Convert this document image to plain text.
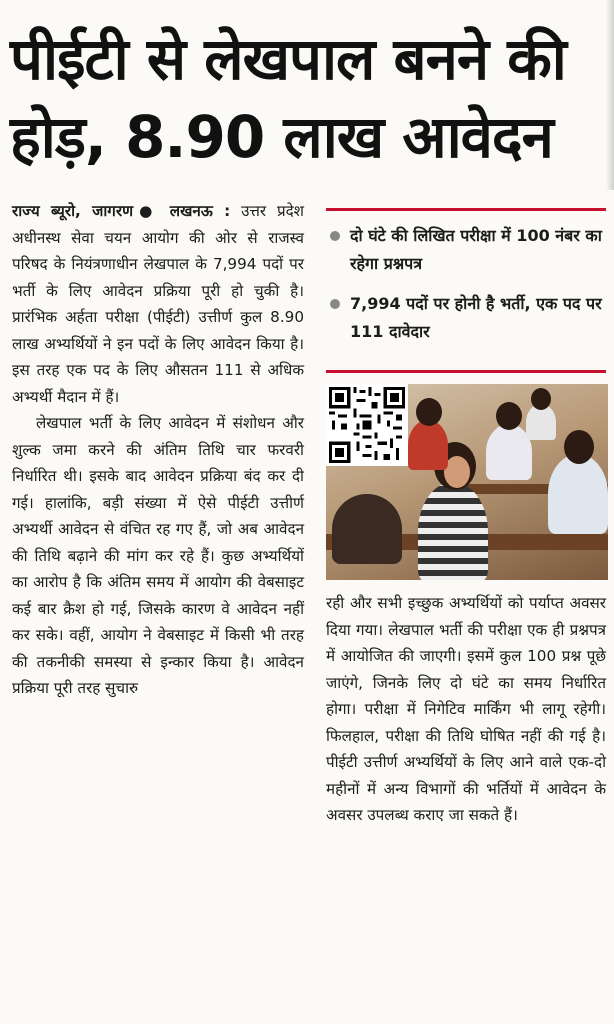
पीईटी से लेखपाल बनने की
होड़, 8.90 लाख आवेदन

राज्य ब्यूरो, जागरण● लखनऊ : उत्तर प्रदेश अधीनस्थ सेवा चयन आयोग की ओर से राजस्व परिषद के नियंत्रणाधीन लेखपाल के 7,994 पदों पर भर्ती के लिए आवेदन प्रक्रिया पूरी हो चुकी है। प्रारंभिक अर्हता परीक्षा (पीईटी) उत्तीर्ण कुल 8.90 लाख अभ्यर्थियों ने इन पदों के लिए आवेदन किया है। इस तरह एक पद के लिए औसतन 111 से अधिक अभ्यर्थी मैदान में हैं।

लेखपाल भर्ती के लिए आवेदन में संशोधन और शुल्क जमा करने की अंतिम तिथि चार फरवरी निर्धारित थी। इसके बाद आवेदन प्रक्रिया बंद कर दी गई। हालांकि, बड़ी संख्या में ऐसे पीईटी उत्तीर्ण अभ्यर्थी आवेदन से वंचित रह गए हैं, जो अब आवेदन की तिथि बढ़ाने की मांग कर रहे हैं। कुछ अभ्यर्थियों का आरोप है कि अंतिम समय में आयोग की वेबसाइट कई बार क्रैश हो गई, जिसके कारण वे आवेदन नहीं कर सके। वहीं, आयोग ने वेबसाइट में किसी भी तरह की तकनीकी समस्या से इन्कार किया है। आवेदन प्रक्रिया पूरी तरह सुचारु

दो घंटे की लिखित परीक्षा में 100 नंबर का रहेगा प्रश्नपत्र
7,994 पदों पर होनी है भर्ती, एक पद पर 111 दावेदार

रही और सभी इच्छुक अभ्यर्थियों को पर्याप्त अवसर दिया गया। लेखपाल भर्ती की परीक्षा एक ही प्रश्नपत्र में आयोजित की जाएगी। इसमें कुल 100 प्रश्न पूछे जाएंगे, जिनके लिए दो घंटे का समय निर्धारित होगा। परीक्षा में निगेटिव मार्किंग भी लागू रहेगी। फिलहाल, परीक्षा की तिथि घोषित नहीं की गई है। पीईटी उत्तीर्ण अभ्यर्थियों के लिए आने वाले एक-दो महीनों में अन्य विभागों की भर्तियों में आवेदन के अवसर उपलब्ध कराए जा सकते हैं।
